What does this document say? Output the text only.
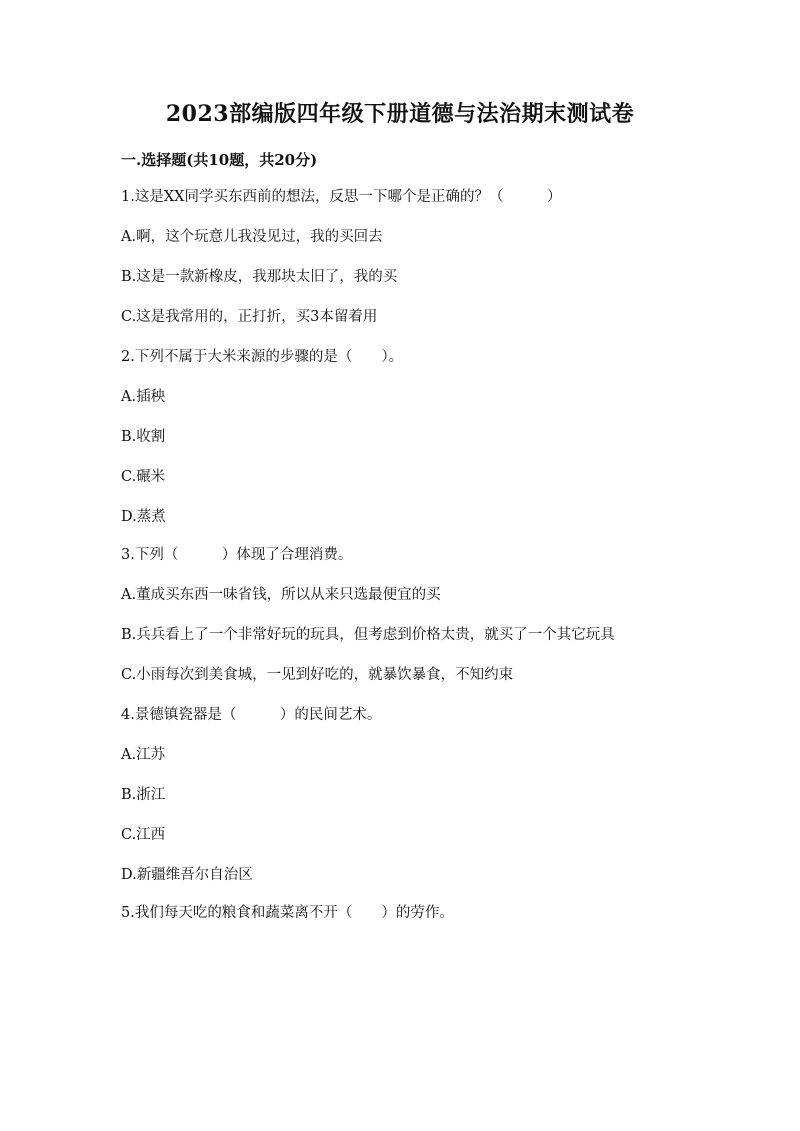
2023部编版四年级下册道德与法治期末测试卷
一.选择题(共10题，共20分)
1.这是XX同学买东西前的想法，反思一下哪个是正确的？（　　　）
A.啊，这个玩意儿我没见过，我的买回去
B.这是一款新橡皮，我那块太旧了，我的买
C.这是我常用的，正打折，买3本留着用
2.下列不属于大米来源的步骤的是（　　）。
A.插秧
B.收割
C.碾米
D.蒸煮
3.下列（　　　）体现了合理消费。
A.董成买东西一味省钱，所以从来只选最便宜的买
B.兵兵看上了一个非常好玩的玩具，但考虑到价格太贵，就买了一个其它玩具
C.小雨每次到美食城，一见到好吃的，就暴饮暴食，不知约束
4.景德镇瓷器是（　　　）的民间艺术。
A.江苏
B.浙江
C.江西
D.新疆维吾尔自治区
5.我们每天吃的粮食和蔬菜离不开（　　）的劳作。
